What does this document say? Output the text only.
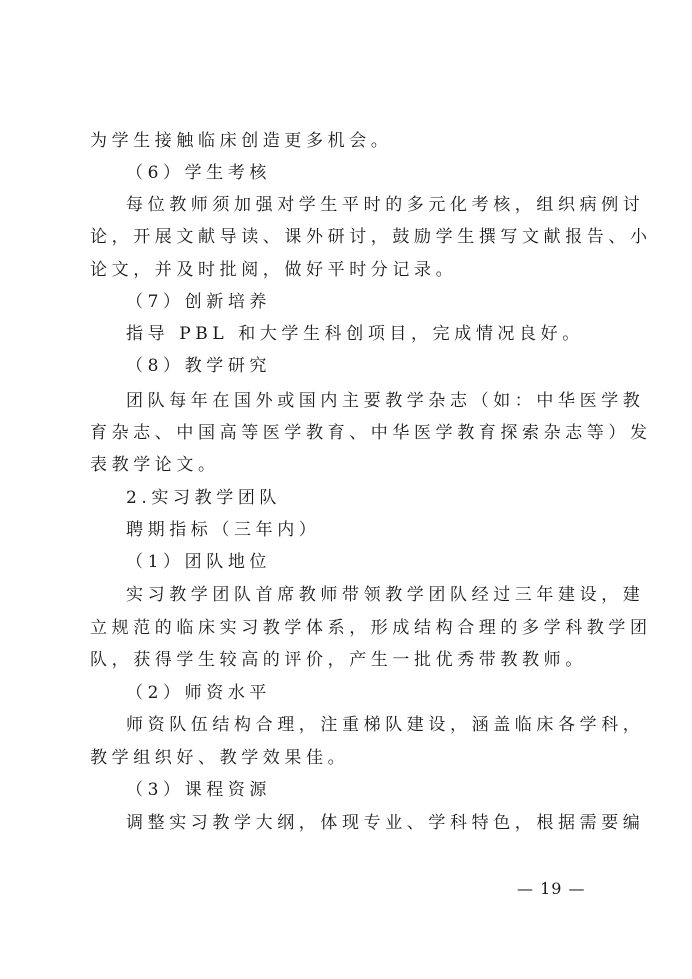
为学生接触临床创造更多机会。
（6）学生考核
每位教师须加强对学生平时的多元化考核，组织病例讨
论，开展文献导读、课外研讨，鼓励学生撰写文献报告、小
论文，并及时批阅，做好平时分记录。
（7）创新培养
指导 PBL 和大学生科创项目，完成情况良好。
（8）教学研究
团队每年在国外或国内主要教学杂志（如：中华医学教
育杂志、中国高等医学教育、中华医学教育探索杂志等）发
表教学论文。
2.实习教学团队
聘期指标（三年内）
（1）团队地位
实习教学团队首席教师带领教学团队经过三年建设，建
立规范的临床实习教学体系，形成结构合理的多学科教学团
队，获得学生较高的评价，产生一批优秀带教教师。
（2）师资水平
师资队伍结构合理，注重梯队建设，涵盖临床各学科，
教学组织好、教学效果佳。
（3）课程资源
调整实习教学大纲，体现专业、学科特色，根据需要编
— 19 —
